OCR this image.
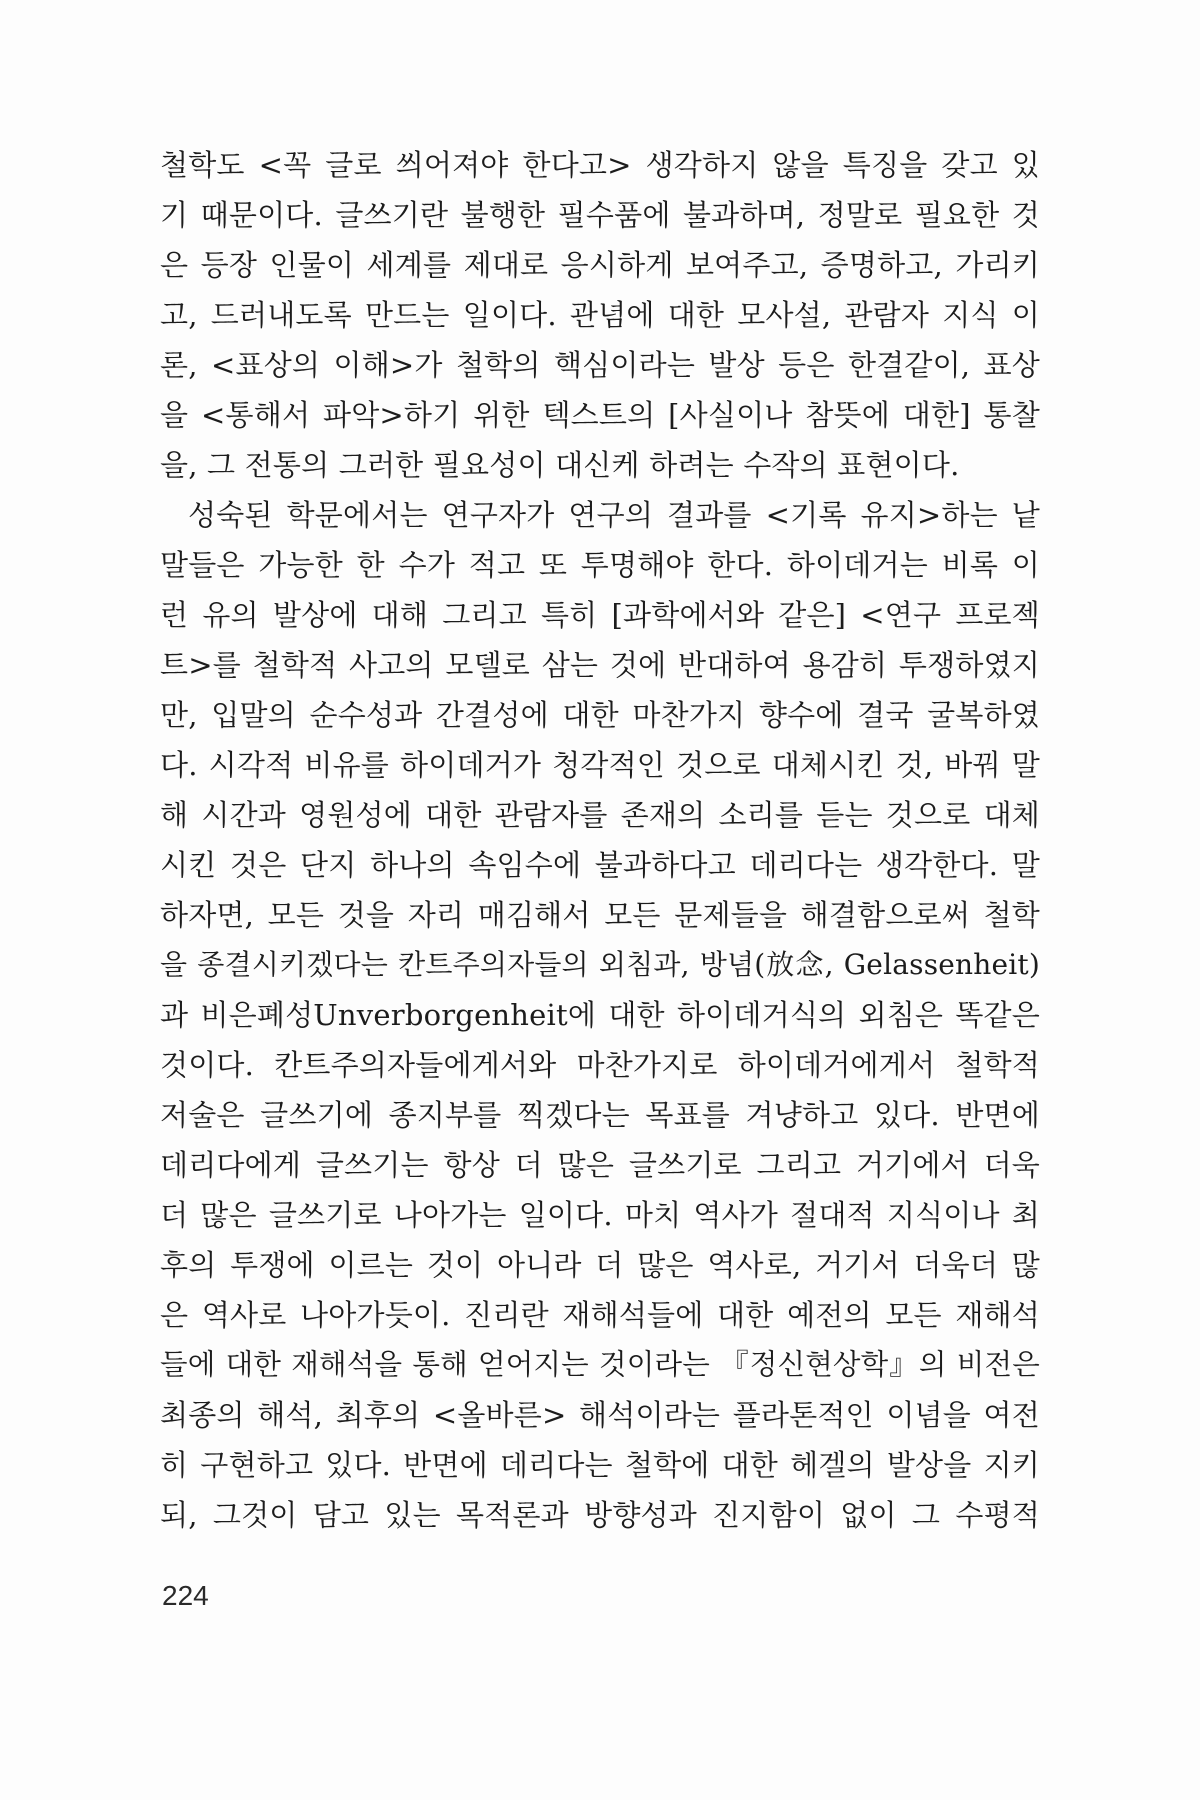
철학도 <꼭 글로 씌어져야 한다고> 생각하지 않을 특징을 갖고 있
기 때문이다. 글쓰기란 불행한 필수품에 불과하며, 정말로 필요한 것
은 등장 인물이 세계를 제대로 응시하게 보여주고, 증명하고, 가리키
고, 드러내도록 만드는 일이다. 관념에 대한 모사설, 관람자 지식 이
론, <표상의 이해>가 철학의 핵심이라는 발상 등은 한결같이, 표상
을 <통해서 파악>하기 위한 텍스트의 [사실이나 참뜻에 대한] 통찰
을, 그 전통의 그러한 필요성이 대신케 하려는 수작의 표현이다.
성숙된 학문에서는 연구자가 연구의 결과를 <기록 유지>하는 낱
말들은 가능한 한 수가 적고 또 투명해야 한다. 하이데거는 비록 이
런 유의 발상에 대해 그리고 특히 [과학에서와 같은] <연구 프로젝
트>를 철학적 사고의 모델로 삼는 것에 반대하여 용감히 투쟁하였지
만, 입말의 순수성과 간결성에 대한 마찬가지 향수에 결국 굴복하였
다. 시각적 비유를 하이데거가 청각적인 것으로 대체시킨 것, 바꿔 말
해 시간과 영원성에 대한 관람자를 존재의 소리를 듣는 것으로 대체
시킨 것은 단지 하나의 속임수에 불과하다고 데리다는 생각한다. 말
하자면, 모든 것을 자리 매김해서 모든 문제들을 해결함으로써 철학
을 종결시키겠다는 칸트주의자들의 외침과, 방념(放念, Gelassenheit)
과 비은폐성Unverborgenheit에 대한 하이데거식의 외침은 똑같은
것이다. 칸트주의자들에게서와 마찬가지로 하이데거에게서 철학적
저술은 글쓰기에 종지부를 찍겠다는 목표를 겨냥하고 있다. 반면에
데리다에게 글쓰기는 항상 더 많은 글쓰기로 그리고 거기에서 더욱
더 많은 글쓰기로 나아가는 일이다. 마치 역사가 절대적 지식이나 최
후의 투쟁에 이르는 것이 아니라 더 많은 역사로, 거기서 더욱더 많
은 역사로 나아가듯이. 진리란 재해석들에 대한 예전의 모든 재해석
들에 대한 재해석을 통해 얻어지는 것이라는 『정신현상학』의 비전은
최종의 해석, 최후의 <올바른> 해석이라는 플라톤적인 이념을 여전
히 구현하고 있다. 반면에 데리다는 철학에 대한 헤겔의 발상을 지키
되, 그것이 담고 있는 목적론과 방향성과 진지함이 없이 그 수평적
224
